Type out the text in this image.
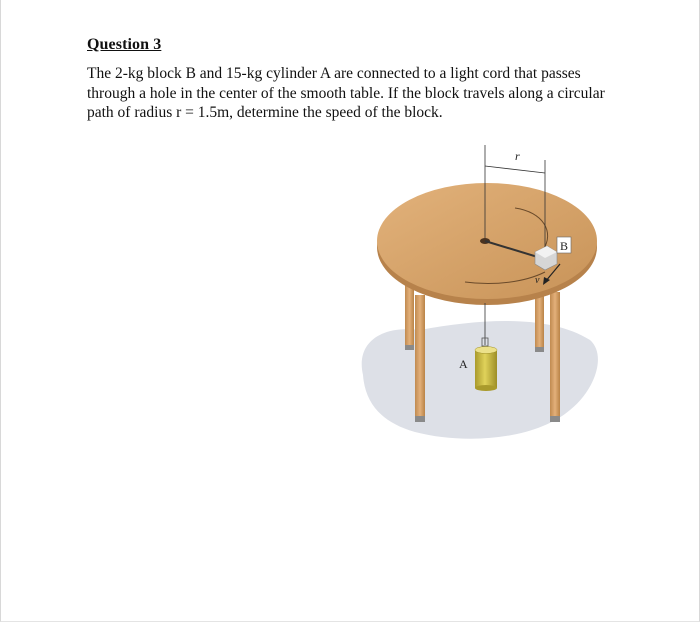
Question 3
The 2-kg block B and 15-kg cylinder A are connected to a light cord that passes
through a hole in the center of the smooth table. If the block travels along a circular
path of radius r = 1.5m, determine the speed of the block.
r
B
v
A
